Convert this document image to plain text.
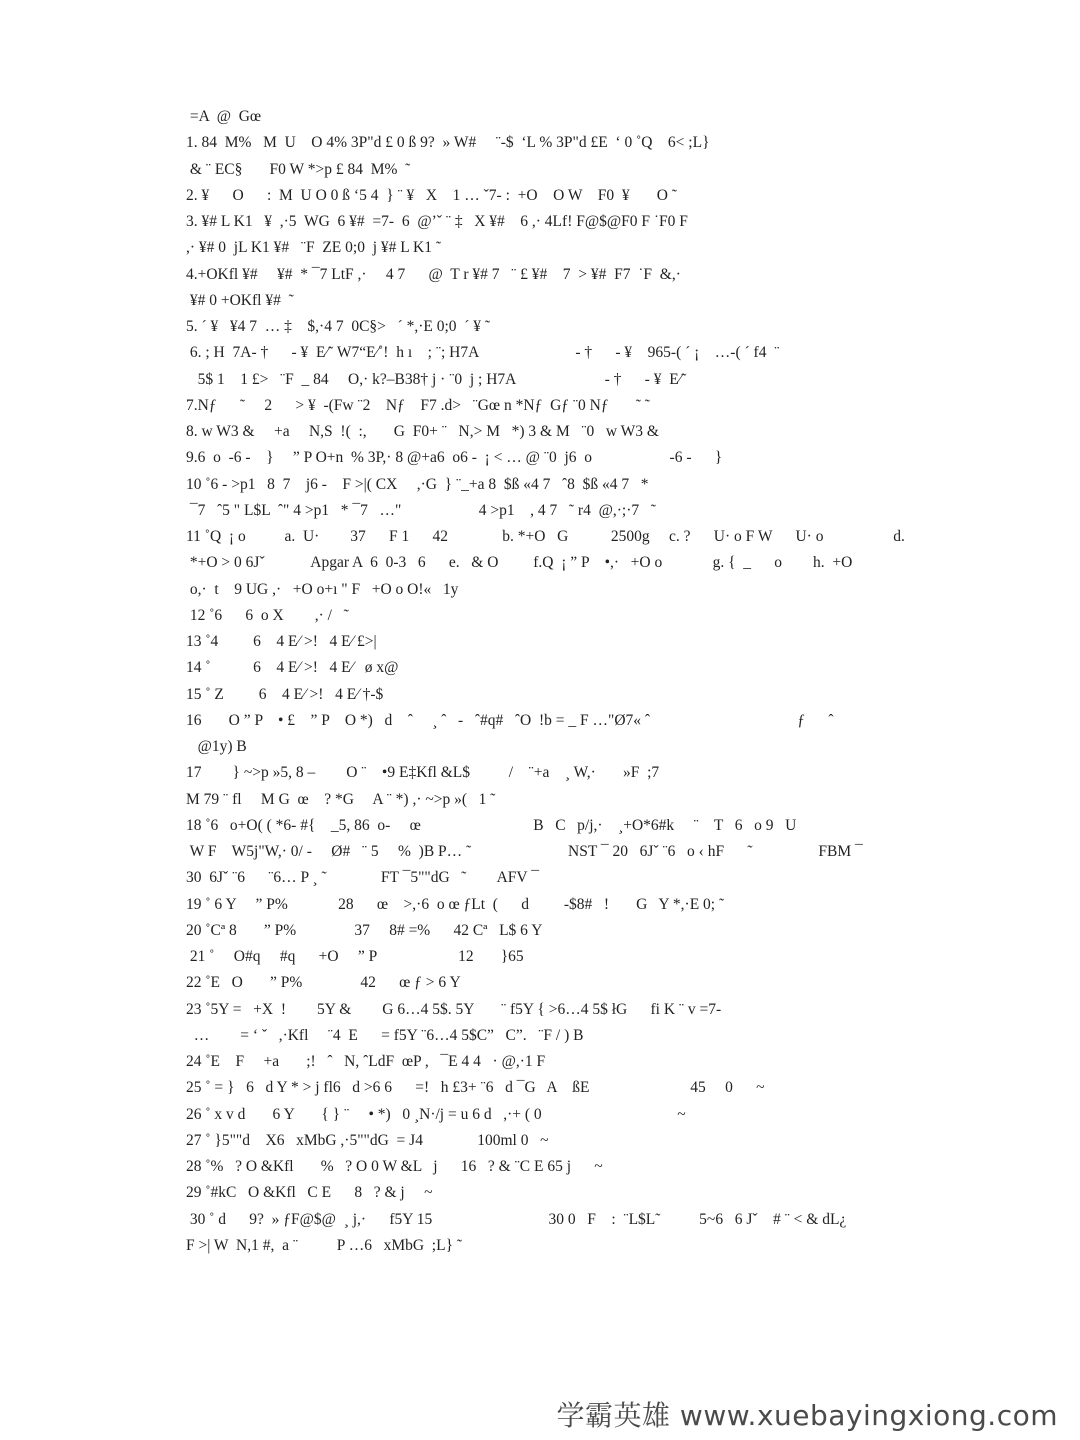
=A  @  Gœ
1. 84  M%   M  U    O 4% 3P"d £ 0 ß 9?  » W#     ¨-$  ‘L % 3P"d £E  ‘ 0 ˚Q    6< ;L}
& ¨ EC§       F0 W *>p £ 84  M%  ˜
2. ¥      O      :  M  U O 0 ß ‘5 4  } ¨ ¥   X    1 … ˇ7- :  +O    O W    F0  ¥       O ˜
3. ¥# L K1   ¥  ,·5  WG  6 ¥#  =7-  6  @’ˇ ¨ ‡   X ¥#    6 ,· 4Lf! F@$@F0 F ˙F0 F
,· ¥# 0  jL K1 ¥#   ¨F  ZE 0;0  j ¥# L K1 ˜
4.+OKfl ¥#     ¥#  * ¯7 LtF ,·     4 7      @  T r ¥# 7   ¨ £ ¥#    7  > ¥#  F7  ˙F  &,·
¥# 0 +OKfl ¥#  ˜
5. ´ ¥   ¥4 7  … ‡    $,·4 7  0C§>   ´ *,·E 0;0  ´ ¥ ˜
6. ; H  7A- †      - ¥  E⁄˜ W7“E⁄˚!  h ı    ; ¨; H7A                         - †      - ¥    965-( ´ ¡    …-( ´ f4  ¨
5$ 1    1 £>   ¨F  _ 84     O,· k?–B38† j · ¨0  j ; H7A                       - †      - ¥  E⁄˜
7.Nƒ      ˜     2      > ¥  -(Fw ¨2    Nƒ    F7 .d>   ¨Gœ n *Nƒ  Gƒ ¨0 Nƒ       ˜ ˜
8. w W3 &     +a     N,S  !(  :,       G  F0+ ¨   N,> M   *) 3 & M   ¨0   w W3 &
9.6  o  -6 -    }     ” P O+n  % 3P,· 8 @+a6  o6 -  ¡ < … @ ¨0  j6  o                    -6 -      }
10 ˚6 - >p1   8  7    j6 -    F >|( CX     ,·G  } ¨_+a 8  $ß «4 7   ˆ8  $ß «4 7   *
¯7   ˆ5 " L$L  ˆ" 4 >p1   * ¯7   …"                    4 >p1    , 4 7   ˜ r4  @,·;·7   ˜
11 ˚Q  ¡ o          a.  U·        37      F 1      42              b. *+O   G           2500g     c. ?      U· o F W      U· o                  d.
*+O > 0 6Jˇ            Apgar A  6  0-3   6      e.   & O         f.Q  ¡ ” P    •,·   +O o             g. {  _      o        h.  +O
o,·  t    9 UG ,·   +O o+ı " F   +O o O!«   1y
12 ˚6      6  o X        ,· /   ˜
13 ˚4         6    4 E⁄ >!   4 E⁄ £>|
14 ˚           6    4 E⁄ >!   4 E⁄   ø x@
15 ˚ Z         6    4 E⁄ >!   4 E⁄ †-$
16       O ” P    • £    ” P    O *)   d    ˆ     ¸ ˆ   -   ˆ#q#   ˆO  !b = _ F …"Ø7« ˆ                                      ƒ      ˆ
@1y) B
17        } ~>p »5, 8 –        O ¨    •9 E‡Kfl &L$          /    ¨+a    ¸ W,·       »F  ;7
M 79 ¨ fl     M G  œ    ? *G     A ¨ *) ,· ~>p »(   1 ˜
18 ˚6   o+O( ( *6- #{    _5, 86  o-     œ                             B   C   p/j,·    ¸+O*6#k     ¨    T   6   o 9   U
W F    W5j"W,· 0/ -     Ø#   ¨ 5     %  )B P… ˜                         NST ¯ 20   6Jˇ ¨6   o ‹ hF      ˜                 FBM ¯
30  6Jˇ ¨6      ¨6… P ¸ ˜              FT ¯5""dG   ˜        AFV ¯
19 ˚ 6 Y     ” P%             28      œ    >,·6  o œ ƒLt  (      d         -$8#   !       G   Y *,·E 0; ˜
20 ˚Cª 8       ” P%               37     8# =%      42 Cª   L$ 6 Y
21 ˚     O#q     #q      +O     ” P                     12       }65
22 ˚E   O       ” P%               42      œ ƒ > 6 Y
23 ˚5Y =   +X  !        5Y &        G 6…4 5$. 5Y       ¨ f5Y { >6…4 5$ łG      fi K ¨ v =7-
…        = ‘ ˇ   ,·Kfl     ¨4  E      = f5Y ¨6…4 5$C”   C”.   ¨F / ) B
24 ˚E    F     +a       ;!   ˆ   N, ˆLdF  œP ,   ¯E 4 4   · @,·1 F
25 ˚ = }   6   d Y * > j fl6   d >6 6      =!   h £3+ ¨6   d ¯G   A    ßE                          45     0      ~
26 ˚ x v d       6 Y       { } ¨     • *)   0 ¸N·/j = u 6 d   ,·+ ( 0                                   ~
27 ˚ }5""d    X6   xMbG ,·5""dG  = J4              100ml 0   ~
28 ˚%   ? O &Kfl       %   ? O 0 W &L   j      16   ? & ¨C E 65 j      ~
29 ˚#kC   O &Kfl   C E      8   ? & j     ~
30 ˚ d      9?  » ƒF@$@  ¸ j,·      f5Y 15                              30 0   F    :  ¨L$L˜          5~6   6 Jˇ    # ¨ < & dL¿
F >| W  N,1 #,  a ¨          P …6   xMbG  ;L} ˜
学霸英雄 www.xuebayingxiong.com
